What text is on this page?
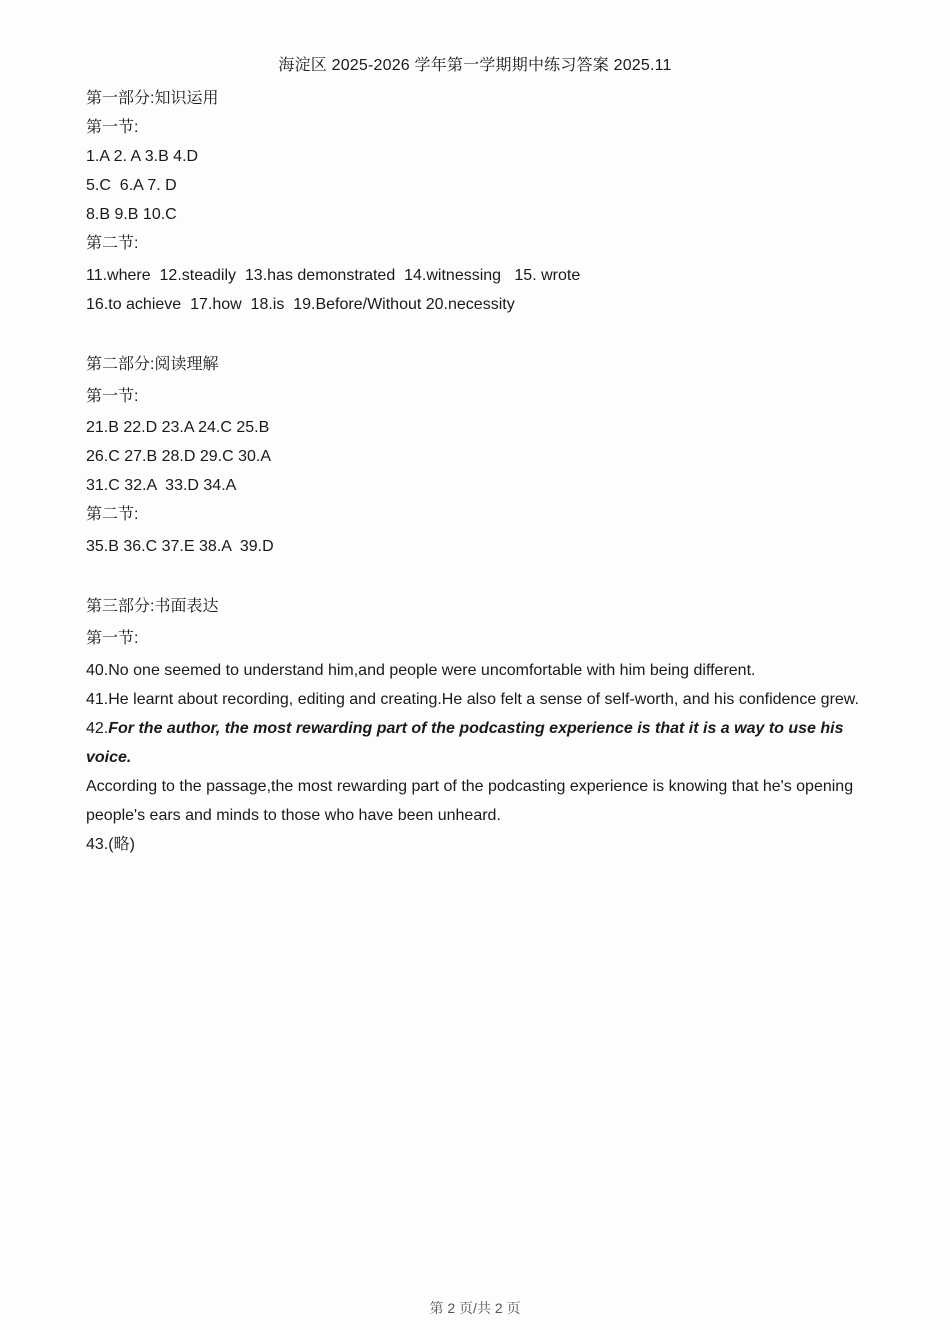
海淀区 2025-2026 学年第一学期期中练习答案 2025.11
第一部分:知识运用
第一节:
1.A 2. A 3.B 4.D
5.C  6.A 7. D
8.B 9.B 10.C
第二节:
11.where  12.steadily  13.has demonstrated  14.witnessing   15. wrote
16.to achieve  17.how  18.is  19.Before/Without 20.necessity
第二部分:阅读理解
第一节:
21.B 22.D 23.A 24.C 25.B
26.C 27.B 28.D 29.C 30.A
31.C 32.A  33.D 34.A
第二节:
35.B 36.C 37.E 38.A  39.D
第三部分:书面表达
第一节:
40.No one seemed to understand him,and people were uncomfortable with him being different.
41.He learnt about recording, editing and creating.He also felt a sense of self-worth, and his confidence grew.
42.For the author, the most rewarding part of the podcasting experience is that it is a way to use his voice.
According to the passage,the most rewarding part of the podcasting experience is knowing that he's opening people's ears and minds to those who have been unheard.
43.(略)
第 2 页/共 2 页
